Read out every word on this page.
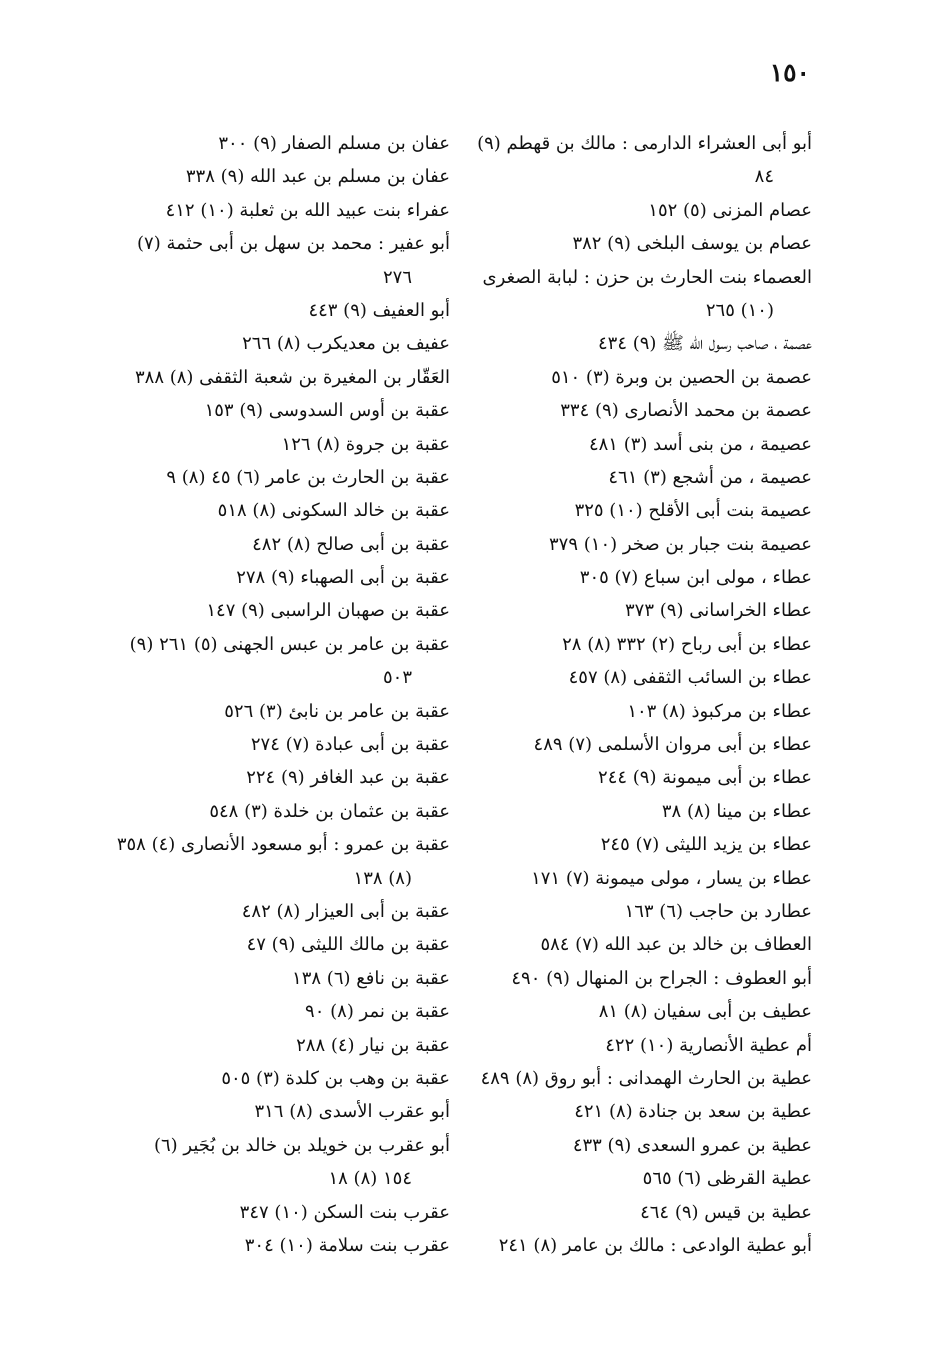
١٥٠
أبو أبى العشراء الدارمى : مالك بن قهطم (٩)
٨٤
عصام المزنى (٥) ١٥٢
عصام بن يوسف البلخى (٩) ٣٨٢
العصماء بنت الحارث بن حزن : لبابة الصغرى
(١٠) ٢٦٥
عصمة ، صاحب رسول الله ﷺ (٩) ٤٣٤
عصمة بن الحصين بن وبرة (٣) ٥١٠
عصمة بن محمد الأنصارى (٩) ٣٣٤
عصيمة ، من بنى أسد (٣) ٤٨١
عصيمة ، من أشجع (٣) ٤٦١
عصيمة بنت أبى الأقلح (١٠) ٣٢٥
عصيمة بنت جبار بن صخر (١٠) ٣٧٩
عطاء ، مولى ابن سباع (٧) ٣٠٥
عطاء الخراسانى (٩) ٣٧٣
عطاء بن أبى رباح (٢) ٣٣٢ (٨) ٢٨
عطاء بن السائب الثقفى (٨) ٤٥٧
عطاء بن مركبوذ (٨) ١٠٣
عطاء بن أبى مروان الأسلمى (٧) ٤٨٩
عطاء بن أبى ميمونة (٩) ٢٤٤
عطاء بن مينا (٨) ٣٨
عطاء بن يزيد الليثى (٧) ٢٤٥
عطاء بن يسار ، مولى ميمونة (٧) ١٧١
عطارد بن حاجب (٦) ١٦٣
العطاف بن خالد بن عبد الله (٧) ٥٨٤
أبو العطوف : الجراح بن المنهال (٩) ٤٩٠
عطيف بن أبى سفيان (٨) ٨١
أم عطية الأنصارية (١٠) ٤٢٢
عطية بن الحارث الهمدانى : أبو روق (٨) ٤٨٩
عطية بن سعد بن جنادة (٨) ٤٢١
عطية بن عمرو السعدى (٩) ٤٣٣
عطية القرظى (٦) ٥٦٥
عطية بن قيس (٩) ٤٦٤
أبو عطية الوادعى : مالك بن عامر (٨) ٢٤١
عفان بن مسلم الصفار (٩) ٣٠٠
عفان بن مسلم بن عبد الله (٩) ٣٣٨
عفراء بنت عبيد الله بن ثعلبة (١٠) ٤١٢
أبو عفير : محمد بن سهل بن أبى حثمة (٧)
٢٧٦
أبو العفيف (٩) ٤٤٣
عفيف بن معديكرب (٨) ٢٦٦
العَقّار بن المغيرة بن شعبة الثقفى (٨) ٣٨٨
عقبة بن أوس السدوسى (٩) ١٥٣
عقبة بن جروة (٨) ١٢٦
عقبة بن الحارث بن عامر (٦) ٤٥ (٨) ٩
عقبة بن خالد السكونى (٨) ٥١٨
عقبة بن أبى صالح (٨) ٤٨٢
عقبة بن أبى الصهباء (٩) ٢٧٨
عقبة بن صهبان الراسبى (٩) ١٤٧
عقبة بن عامر بن عبس الجهنى (٥) ٢٦١ (٩)
٥٠٣
عقبة بن عامر بن نابئ (٣) ٥٢٦
عقبة بن أبى عبادة (٧) ٢٧٤
عقبة بن عبد الغافر (٩) ٢٢٤
عقبة بن عثمان بن خلدة (٣) ٥٤٨
عقبة بن عمرو : أبو مسعود الأنصارى (٤) ٣٥٨
(٨) ١٣٨
عقبة بن أبى العيزار (٨) ٤٨٢
عقبة بن مالك الليثى (٩) ٤٧
عقبة بن نافع (٦) ١٣٨
عقبة بن نمر (٨) ٩٠
عقبة بن نيار (٤) ٢٨٨
عقبة بن وهب بن كلدة (٣) ٥٠٥
أبو عقرب الأسدى (٨) ٣١٦
أبو عقرب بن خويلد بن خالد بن بُجَير (٦)
١٥٤ (٨) ١٨
عقرب بنت السكن (١٠) ٣٤٧
عقرب بنت سلامة (١٠) ٣٠٤
